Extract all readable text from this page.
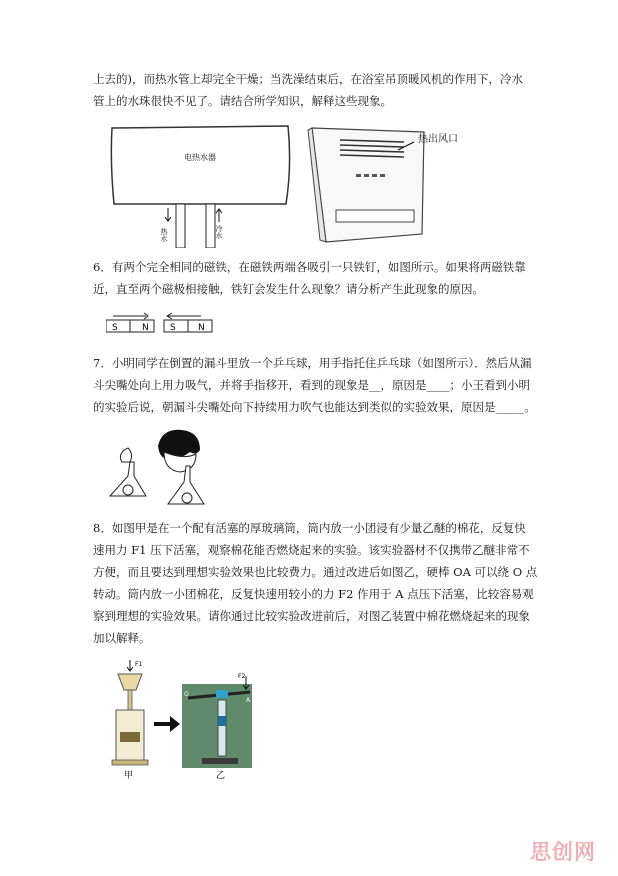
上去的)，而热水管上却完全干燥；当洗澡结束后，在浴室吊顶暖风机的作用下，冷水
管上的水珠很快不见了。请结合所学知识，解释这些现象。
电热水器
热水	冷水
热出风口
6．有两个完全相同的磁铁，在磁铁两端各吸引一只铁钉，如图所示。如果将两磁铁靠
近，直至两个磁极相接触，铁钉会发生什么现象？请分析产生此现象的原因。
S	N S N
7．小明同学在倒置的漏斗里放一个乒乓球，用手指托住乒乓球（如图所示）．然后从漏
斗尖嘴处向上用力吸气，并将手指移开，看到的现象是__，原因是____；小王看到小明
的实验后说，朝漏斗尖嘴处向下持续用力吹气也能达到类似的实验效果，原因是_____。
8．如图甲是在一个配有活塞的厚玻璃筒，筒内放一小团浸有少量乙醚的棉花，反复快
速用力 F1 压下活塞，观察棉花能否燃烧起来的实验。该实验器材不仅携带乙醚非常不
方便，而且要达到理想实验效果也比较费力。通过改进后如图乙，硬棒 OA 可以绕 O 点
转动。筒内放一小团棉花，反复快速用较小的力 F2 作用于 A 点压下活塞，比较容易观
察到理想的实验效果。请你通过比较实验改进前后，对图乙装置中棉花燃烧起来的现象
加以解释。
F1
甲
O
A
F2
乙
思创网
